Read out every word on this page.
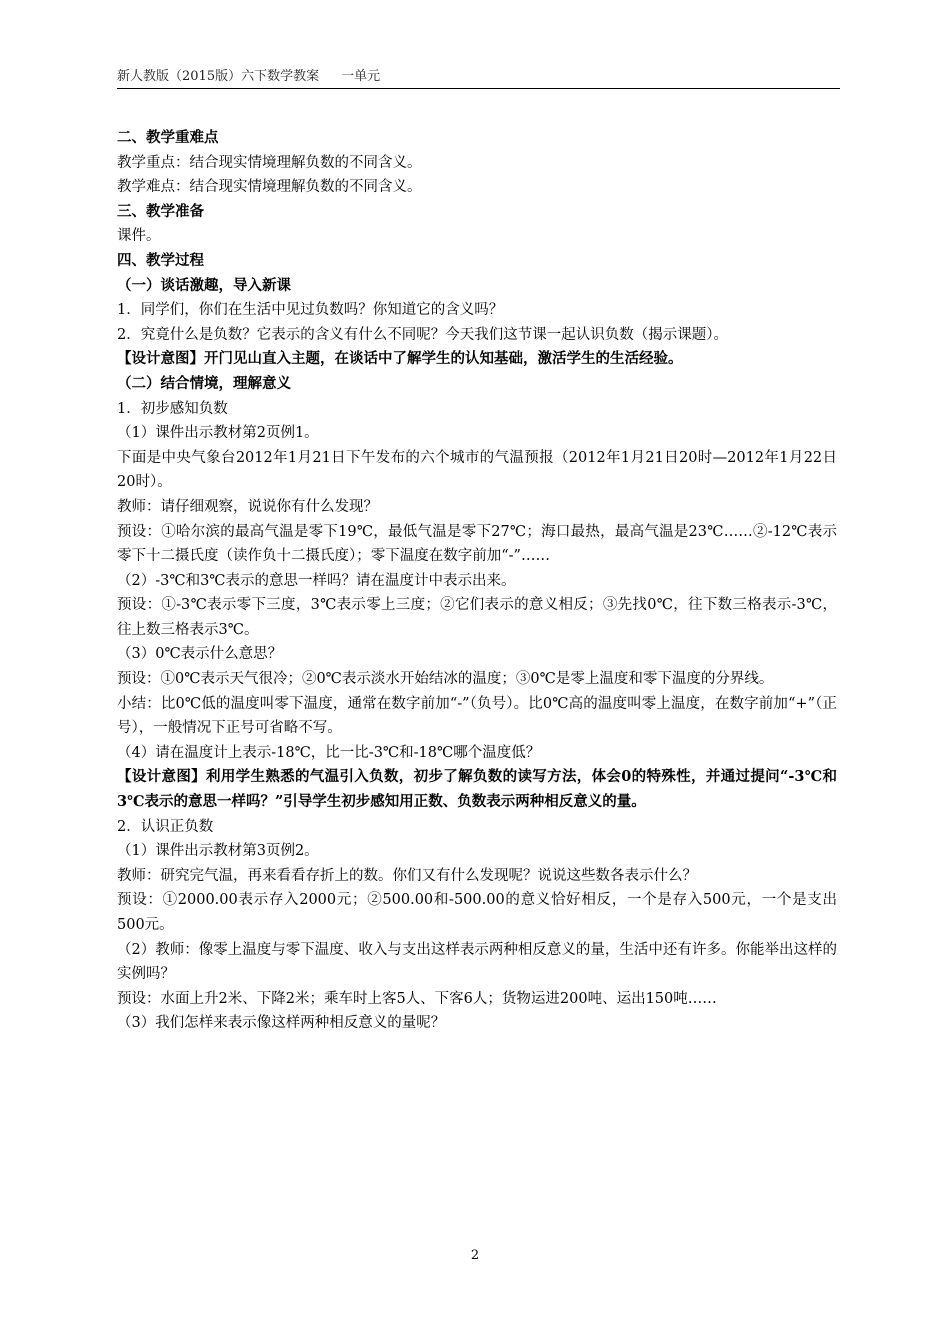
新人教版（2015版）六下数学教案 一单元

二、教学重难点

教学重点：结合现实情境理解负数的不同含义。

教学难点：结合现实情境理解负数的不同含义。

三、教学准备

课件。

四、教学过程

（一）谈话激趣，导入新课

1．同学们，你们在生活中见过负数吗？你知道它的含义吗？

2．究竟什么是负数？它表示的含义有什么不同呢？今天我们这节课一起认识负数（揭示课题）。

【设计意图】开门见山直入主题，在谈话中了解学生的认知基础，激活学生的生活经验。

（二）结合情境，理解意义

1．初步感知负数

（1）课件出示教材第2页例1。

下面是中央气象台2012年1月21日下午发布的六个城市的气温预报（2012年1月21日20时—2012年1月22日20时）。

教师：请仔细观察，说说你有什么发现？

预设：①哈尔滨的最高气温是零下19℃，最低气温是零下27℃；海口最热，最高气温是23℃……②-12℃表示零下十二摄氏度（读作负十二摄氏度）；零下温度在数字前加“-”……

（2）-3℃和3℃表示的意思一样吗？请在温度计中表示出来。

预设：①-3℃表示零下三度，3℃表示零上三度；②它们表示的意义相反；③先找0℃，往下数三格表示-3℃，往上数三格表示3℃。

（3）0℃表示什么意思？

预设：①0℃表示天气很冷；②0℃表示淡水开始结冰的温度；③0℃是零上温度和零下温度的分界线。

小结：比0℃低的温度叫零下温度，通常在数字前加“-”（负号）。比0℃高的温度叫零上温度，在数字前加“+”（正号），一般情况下正号可省略不写。

（4）请在温度计上表示-18℃，比一比-3℃和-18℃哪个温度低？

【设计意图】利用学生熟悉的气温引入负数，初步了解负数的读写方法，体会0的特殊性，并通过提问“-3℃和3℃表示的意思一样吗？”引导学生初步感知用正数、负数表示两种相反意义的量。

2．认识正负数

（1）课件出示教材第3页例2。

教师：研究完气温，再来看看存折上的数。你们又有什么发现呢？说说这些数各表示什么？

预设：①2000.00表示存入2000元；②500.00和-500.00的意义恰好相反，一个是存入500元，一个是支出500元。

（2）教师：像零上温度与零下温度、收入与支出这样表示两种相反意义的量，生活中还有许多。你能举出这样的实例吗？

预设：水面上升2米、下降2米；乘车时上客5人、下客6人；货物运进200吨、运出150吨……

（3）我们怎样来表示像这样两种相反意义的量呢？

2
